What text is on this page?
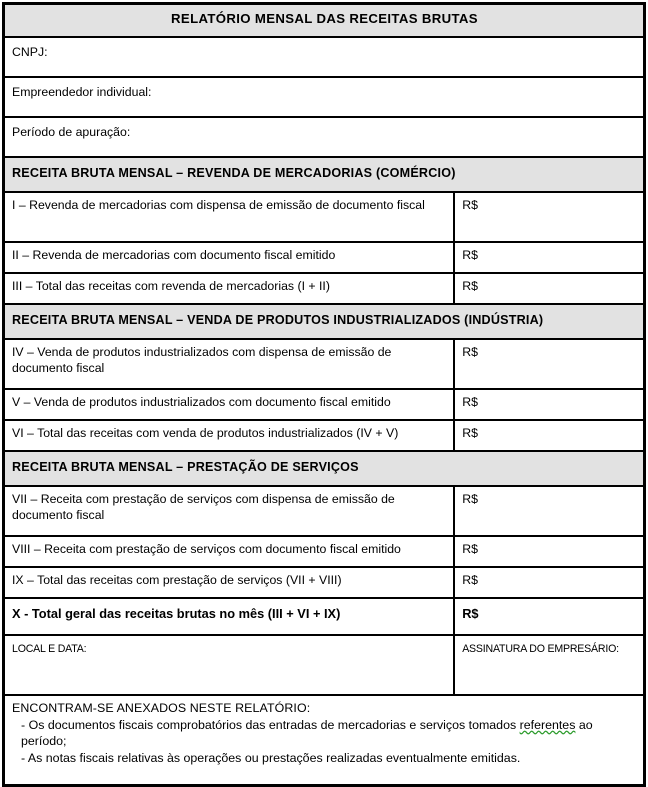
RELATÓRIO MENSAL DAS RECEITAS BRUTAS	
CNPJ:	
Empreendedor individual:	
Período de apuração:	
RECEITA BRUTA MENSAL – REVENDA DE MERCADORIAS (COMÉRCIO)	
I – Revenda de mercadorias com dispensa de emissão de documento fiscal	R$
II – Revenda de mercadorias com documento fiscal emitido	R$
III – Total das receitas com revenda de mercadorias (I + II)	R$
RECEITA BRUTA MENSAL – VENDA DE PRODUTOS INDUSTRIALIZADOS (INDÚSTRIA)	
IV – Venda de produtos industrializados com dispensa de emissão de documento fiscal	R$
V – Venda de produtos industrializados com documento fiscal emitido	R$
VI – Total das receitas com venda de produtos industrializados (IV + V)	R$
RECEITA BRUTA MENSAL – PRESTAÇÃO DE SERVIÇOS	
VII – Receita com prestação de serviços com dispensa de emissão de documento fiscal	R$
VIII – Receita com prestação de serviços com documento fiscal emitido	R$
IX – Total das receitas com prestação de serviços (VII + VIII)	R$
X - Total geral das receitas brutas no mês (III + VI + IX)	R$
LOCAL E DATA:	ASSINATURA DO EMPRESÁRIO:

ENCONTRAM-SE ANEXADOS NESTE RELATÓRIO:
- Os documentos fiscais comprobatórios das entradas de mercadorias e serviços tomados referentes ao período;
- As notas fiscais relativas às operações ou prestações realizadas eventualmente emitidas.	
